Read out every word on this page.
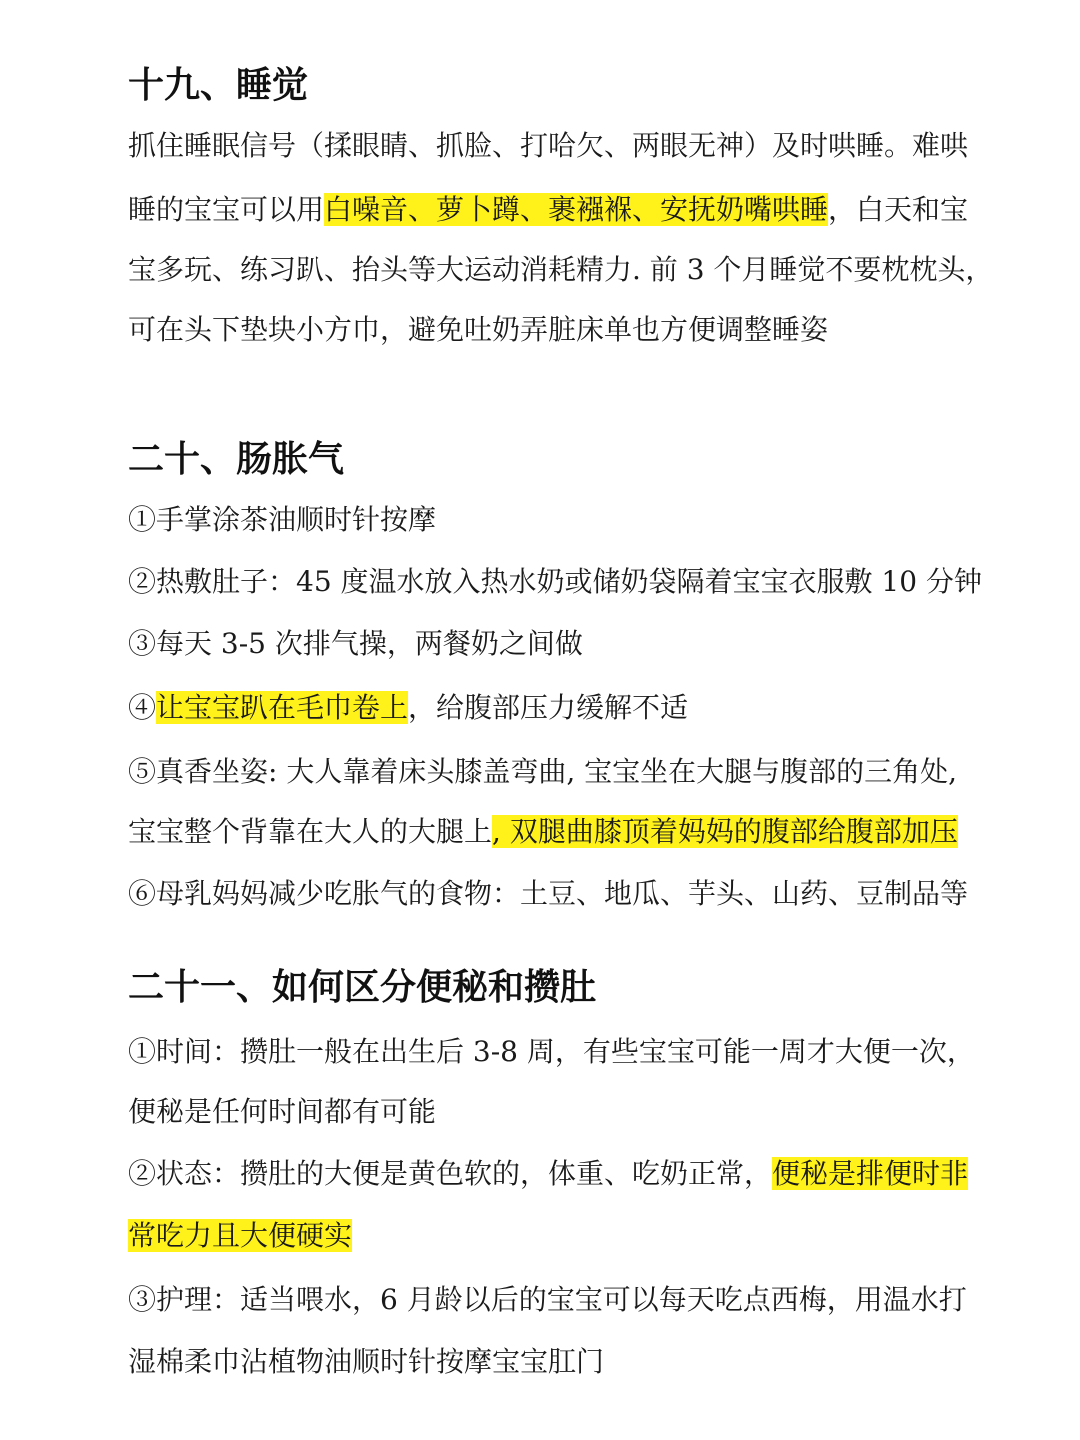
十九、睡觉

抓住睡眠信号（揉眼睛、抓脸、打哈欠、两眼无神）及时哄睡。难哄

睡的宝宝可以用白噪音、萝卜蹲、裹襁褓、安抚奶嘴哄睡，白天和宝

宝多玩、练习趴、抬头等大运动消耗精力. 前 3 个月睡觉不要枕枕头，

可在头下垫块小方巾，避免吐奶弄脏床单也方便调整睡姿

二十、肠胀气

①手掌涂茶油顺时针按摩

②热敷肚子：45 度温水放入热水奶或储奶袋隔着宝宝衣服敷 10 分钟

③每天 3-5 次排气操，两餐奶之间做

④让宝宝趴在毛巾卷上，给腹部压力缓解不适

⑤真香坐姿: 大人靠着床头膝盖弯曲, 宝宝坐在大腿与腹部的三角处,

宝宝整个背靠在大人的大腿上, 双腿曲膝顶着妈妈的腹部给腹部加压

⑥母乳妈妈减少吃胀气的食物：土豆、地瓜、芋头、山药、豆制品等

二十一、如何区分便秘和攒肚

①时间：攒肚一般在出生后 3-8 周，有些宝宝可能一周才大便一次，

便秘是任何时间都有可能

②状态：攒肚的大便是黄色软的，体重、吃奶正常，便秘是排便时非

常吃力且大便硬实

③护理：适当喂水，6 月龄以后的宝宝可以每天吃点西梅，用温水打

湿棉柔巾沾植物油顺时针按摩宝宝肛门
